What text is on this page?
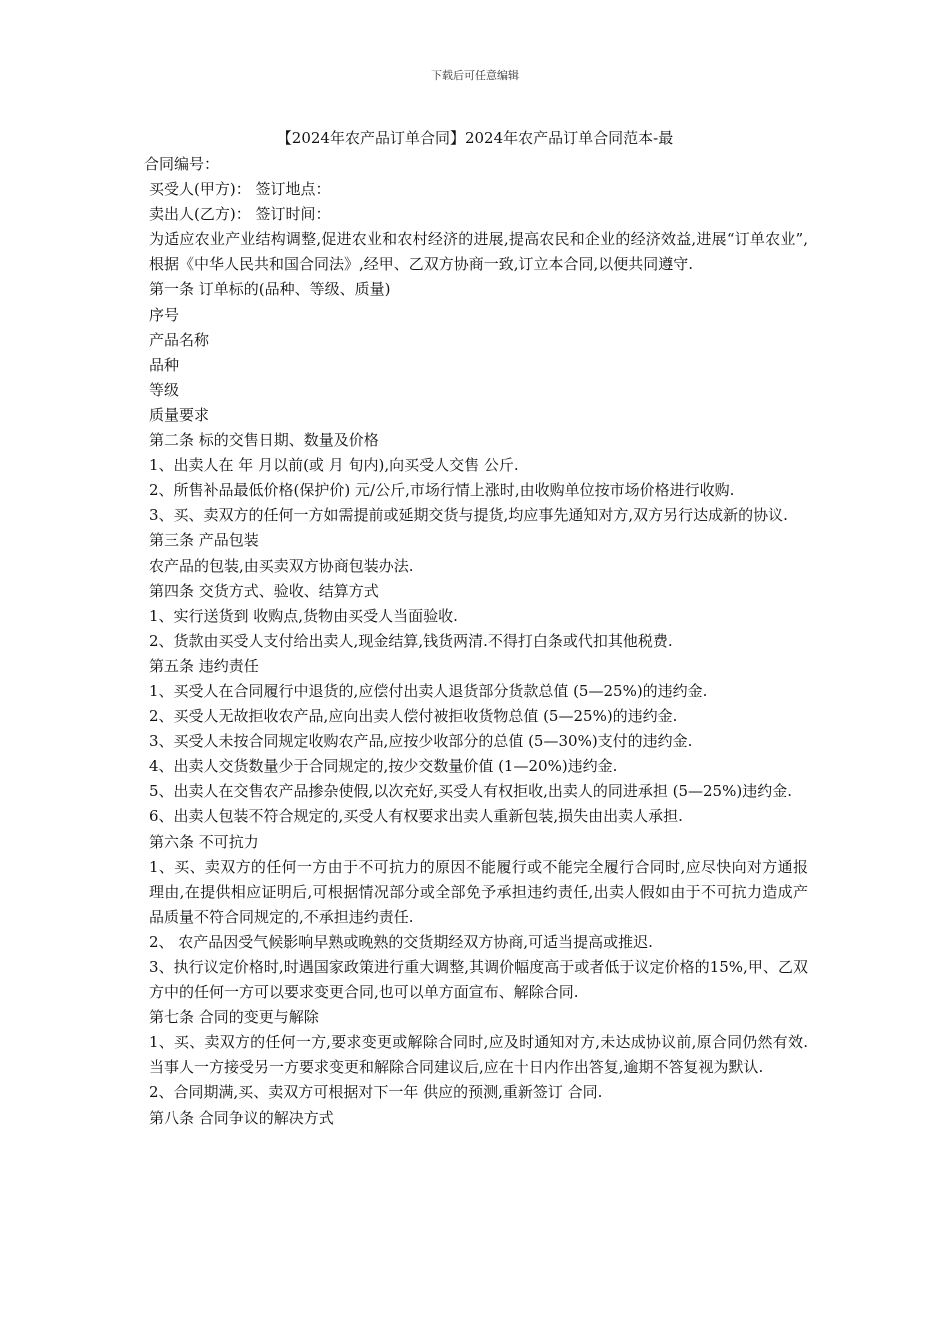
下载后可任意编辑
【2024年农产品订单合同】2024年农产品订单合同范本-最

合同编号：

买受人(甲方)： 签订地点：

卖出人(乙方)： 签订时间：

为适应农业产业结构调整,促进农业和农村经济的进展,提高农民和企业的经济效益,进展“订单农业”,根据《中华人民共和国合同法》,经甲、乙双方协商一致,订立本合同,以便共同遵守.

第一条 订单标的(品种、等级、质量)

序号

产品名称

品种

等级

质量要求

第二条 标的交售日期、数量及价格

1、出卖人在 年 月以前(或 月 旬内),向买受人交售 公斤.

2、所售补品最低价格(保护价) 元/公斤,市场行情上涨时,由收购单位按市场价格进行收购.

3、买、卖双方的任何一方如需提前或延期交货与提货,均应事先通知对方,双方另行达成新的协议.

第三条 产品包装

农产品的包装,由买卖双方协商包装办法.

第四条 交货方式、验收、结算方式

1、实行送货到 收购点,货物由买受人当面验收.

2、货款由买受人支付给出卖人,现金结算,钱货两清.不得打白条或代扣其他税费.

第五条 违约责任

1、买受人在合同履行中退货的,应偿付出卖人退货部分货款总值 (5—25%)的违约金.

2、买受人无故拒收农产品,应向出卖人偿付被拒收货物总值 (5—25%)的违约金.

3、买受人未按合同规定收购农产品,应按少收部分的总值 (5—30%)支付的违约金.

4、出卖人交货数量少于合同规定的,按少交数量价值 (1—20%)违约金.

5、出卖人在交售农产品掺杂使假,以次充好,买受人有权拒收,出卖人的同进承担 (5—25%)违约金.

6、出卖人包装不符合规定的,买受人有权要求出卖人重新包装,损失由出卖人承担.

第六条 不可抗力

1、买、卖双方的任何一方由于不可抗力的原因不能履行或不能完全履行合同时,应尽快向对方通报理由,在提供相应证明后,可根据情况部分或全部免予承担违约责任,出卖人假如由于不可抗力造成产品质量不符合同规定的,不承担违约责任.

2、 农产品因受气候影响早熟或晚熟的交货期经双方协商,可适当提高或推迟.

3、执行议定价格时,时遇国家政策进行重大调整,其调价幅度高于或者低于议定价格的15%,甲、乙双方中的任何一方可以要求变更合同,也可以单方面宣布、解除合同.

第七条 合同的变更与解除

1、买、卖双方的任何一方,要求变更或解除合同时,应及时通知对方,未达成协议前,原合同仍然有效.当事人一方接受另一方要求变更和解除合同建议后,应在十日内作出答复,逾期不答复视为默认.

2、合同期满,买、卖双方可根据对下一年 供应的预测,重新签订 合同.

第八条 合同争议的解决方式
